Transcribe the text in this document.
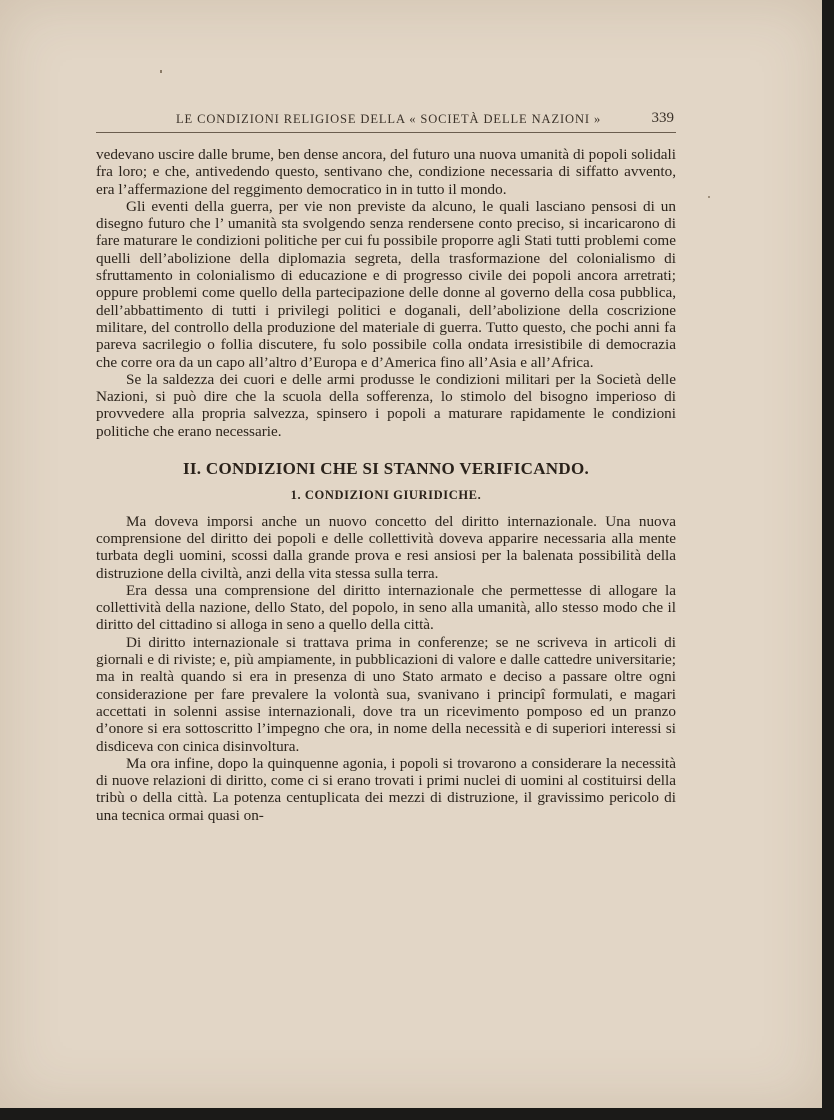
LE CONDIZIONI RELIGIOSE DELLA « SOCIETÀ DELLE NAZIONI »	339

vedevano uscire dalle brume, ben dense ancora, del futuro una nuova umanità di popoli solidali fra loro; e che, antivedendo questo, sentivano che, condizione necessaria di siffatto avvento, era l’affermazione del reggimento democratico in in tutto il mondo.

Gli eventi della guerra, per vie non previste da alcuno, le quali lasciano pensosi di un disegno futuro che l’ umanità sta svolgendo senza rendersene conto preciso, si incaricarono di fare maturare le condizioni politiche per cui fu possibile proporre agli Stati tutti problemi come quelli dell’abolizione della diplomazia segreta, della trasformazione del colonialismo di sfruttamento in colonialismo di educazione e di progresso civile dei popoli ancora arretrati; oppure problemi come quello della partecipazione delle donne al governo della cosa pubblica, dell’abbattimento di tutti i privilegi politici e doganali, dell’abolizione della coscrizione militare, del controllo della produzione del materiale di guerra. Tutto questo, che pochi anni fa pareva sacrilegio o follia discutere, fu solo possibile colla ondata irresistibile di democrazia che corre ora da un capo all’altro d’Europa e d’America fino all’Asia e all’Africa.

Se la saldezza dei cuori e delle armi produsse le condizioni militari per la Società delle Nazioni, si può dire che la scuola della sofferenza, lo stimolo del bisogno imperioso di provvedere alla propria salvezza, spinsero i popoli a maturare rapidamente le condizioni politiche che erano necessarie.

II. CONDIZIONI CHE SI STANNO VERIFICANDO.
1. CONDIZIONI GIURIDICHE.

Ma doveva imporsi anche un nuovo concetto del diritto internazionale. Una nuova comprensione del diritto dei popoli e delle collettività doveva apparire necessaria alla mente turbata degli uomini, scossi dalla grande prova e resi ansiosi per la balenata possibilità della distruzione della civiltà, anzi della vita stessa sulla terra.

Era dessa una comprensione del diritto internazionale che permettesse di allogare la collettività della nazione, dello Stato, del popolo, in seno alla umanità, allo stesso modo che il diritto del cittadino si alloga in seno a quello della città.

Di diritto internazionale si trattava prima in conferenze; se ne scriveva in articoli di giornali e di riviste; e, più ampiamente, in pubblicazioni di valore e dalle cattedre universitarie; ma in realtà quando si era in presenza di uno Stato armato e deciso a passare oltre ogni considerazione per fare prevalere la volontà sua, svanivano i principî formulati, e magari accettati in solenni assise internazionali, dove tra un ricevimento pomposo ed un pranzo d’onore si era sottoscritto l’impegno che ora, in nome della necessità e di superiori interessi si disdiceva con cinica disinvoltura.

Ma ora infine, dopo la quinquenne agonia, i popoli si trovarono a considerare la necessità di nuove relazioni di diritto, come ci si erano trovati i primi nuclei di uomini al costituirsi della tribù o della città. La potenza centuplicata dei mezzi di distruzione, il gravissimo pericolo di una tecnica ormai quasi on-
